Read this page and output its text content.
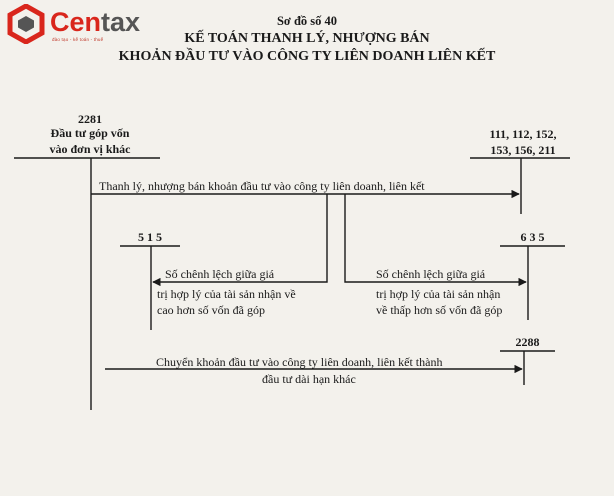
Centax
đào tạo - kế toán - thuế
Sơ đồ số 40
KẾ TOÁN THANH LÝ, NHƯỢNG BÁN
KHOẢN ĐẦU TƯ VÀO CÔNG TY LIÊN DOANH LIÊN KẾT
2281
Đầu tư góp vốn
vào đơn vị khác
111, 112, 152,
153, 156, 211
5 1 5	6 3 5
2288
Thanh lý, nhượng bán khoản đầu tư vào công ty liên doanh, liên kết
Số chênh lệch giữa giá
trị hợp lý của tài sản nhận về
cao hơn số vốn đã góp
Số chênh lệch giữa giá
trị hợp lý của tài sản nhận
về thấp hơn số vốn đã góp
Chuyển khoản đầu tư vào công ty liên doanh, liên kết thành
đầu tư dài hạn khác
